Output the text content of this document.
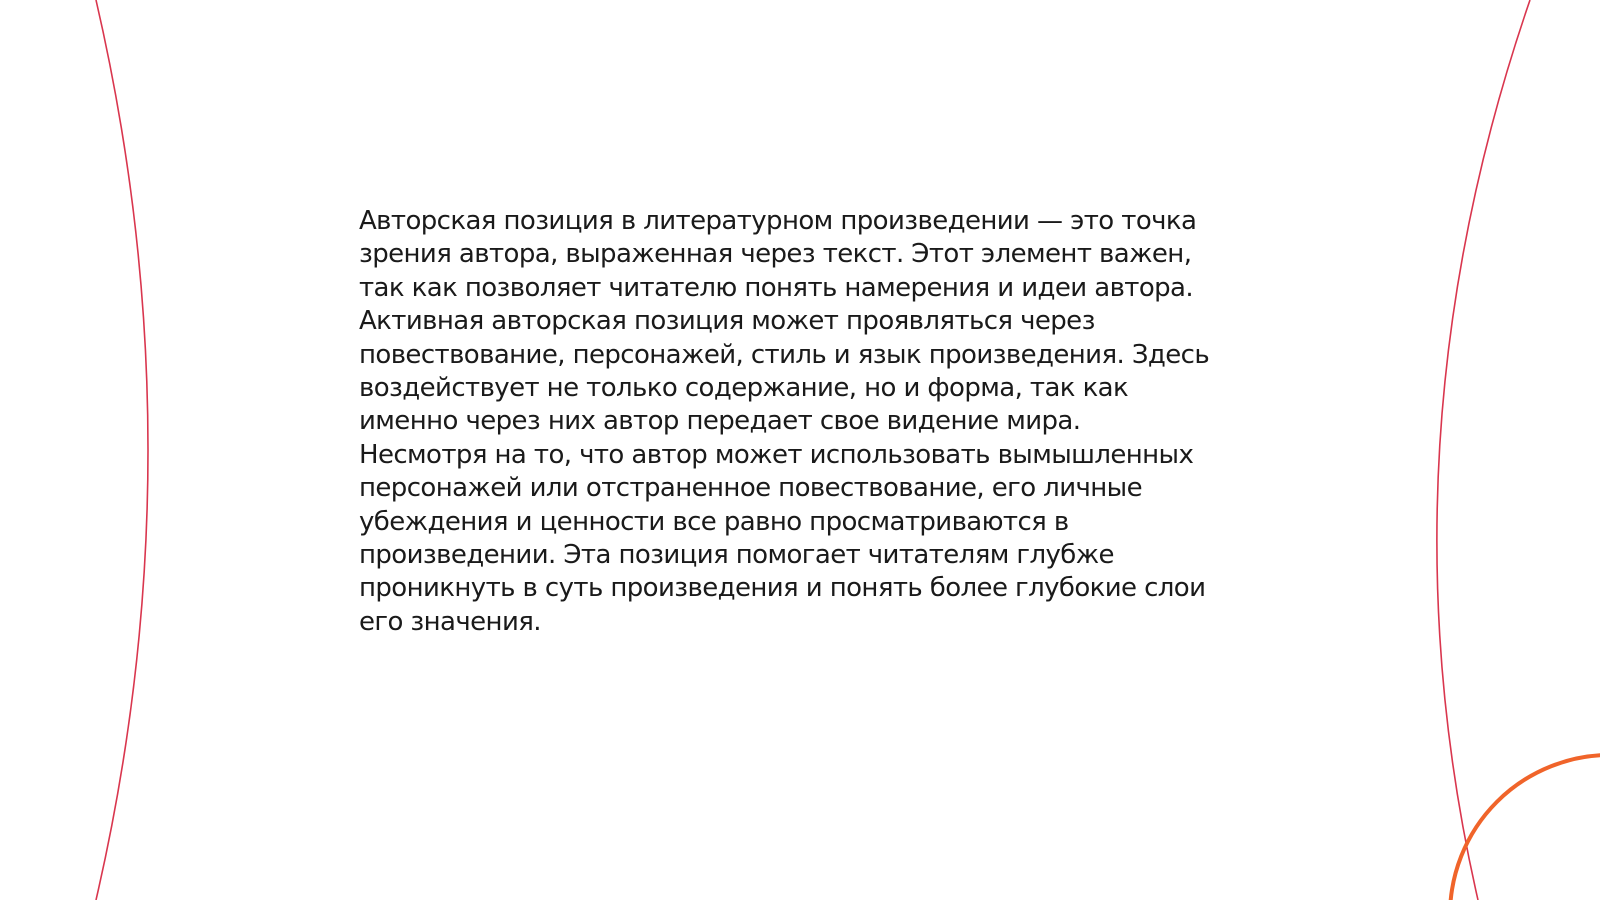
Авторская позиция в литературном произведении — это точка
зрения автора, выраженная через текст. Этот элемент важен,
так как позволяет читателю понять намерения и идеи автора.
Активная авторская позиция может проявляться через
повествование, персонажей, стиль и язык произведения. Здесь
воздействует не только содержание, но и форма, так как
именно через них автор передает свое видение мира.
Несмотря на то, что автор может использовать вымышленных
персонажей или отстраненное повествование, его личные
убеждения и ценности все равно просматриваются в
произведении. Эта позиция помогает читателям глубже
проникнуть в суть произведения и понять более глубокие слои
его значения.
